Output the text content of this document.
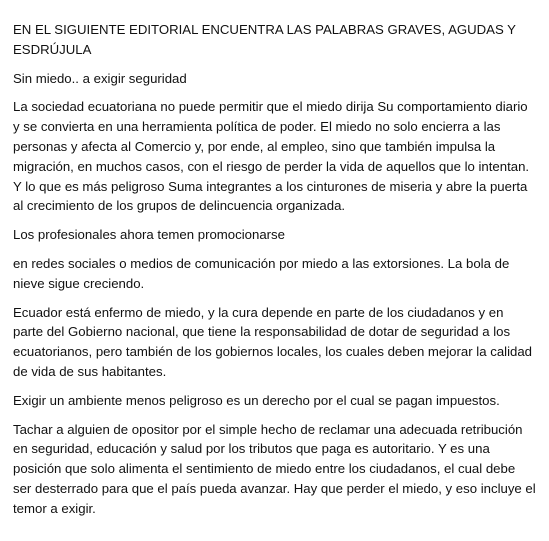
EN EL SIGUIENTE EDITORIAL ENCUENTRA LAS PALABRAS GRAVES, AGUDAS Y ESDRÚJULA

Sin miedo.. a exigir seguridad

La sociedad ecuatoriana no puede permitir que el miedo dirija Su comportamiento diario y se convierta en una herramienta política de poder. El miedo no solo encierra a las personas y afecta al Comercio y, por ende, al empleo, sino que también impulsa la migración, en muchos casos, con el riesgo de perder la vida de aquellos que lo intentan. Y lo que es más peligroso Suma integrantes a los cinturones de miseria y abre la puerta al crecimiento de los grupos de delincuencia organizada.

Los profesionales ahora temen promocionarse

en redes sociales o medios de comunicación por miedo a las extorsiones. La bola de nieve sigue creciendo.

Ecuador está enfermo de miedo, y la cura depende en parte de los ciudadanos y en parte del Gobierno nacional, que tiene la responsabilidad de dotar de seguridad a los ecuatorianos, pero también de los gobiernos locales, los cuales deben mejorar la calidad de vida de sus habitantes.

Exigir un ambiente menos peligroso es un derecho por el cual se pagan impuestos.

Tachar a alguien de opositor por el simple hecho de reclamar una adecuada retribución en seguridad, educación y salud por los tributos que paga es autoritario. Y es una posición que solo alimenta el sentimiento de miedo entre los ciudadanos, el cual debe ser desterrado para que el país pueda avanzar. Hay que perder el miedo, y eso incluye el temor a exigir.
